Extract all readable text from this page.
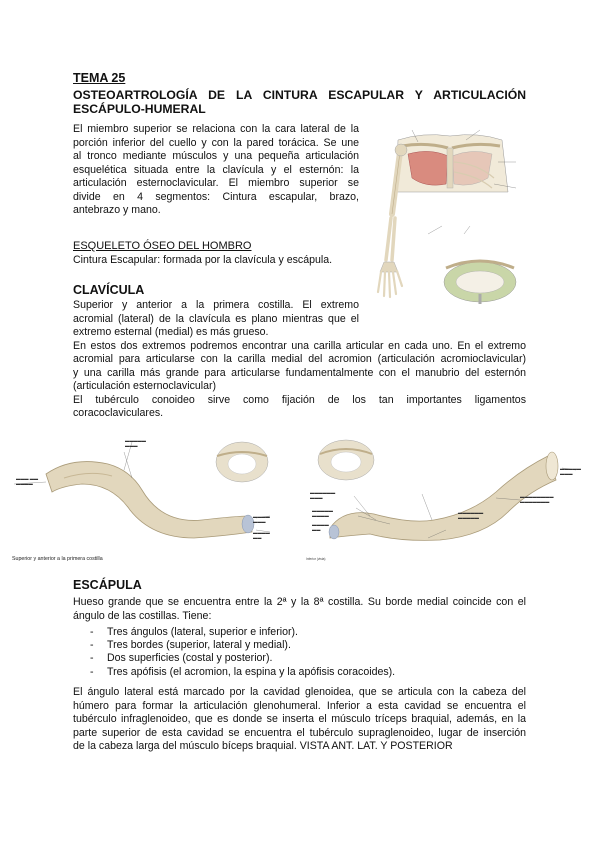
TEMA 25
OSTEOARTROLOGÍA DE LA CINTURA ESCAPULAR Y ARTICULACIÓN
ESCÁPULO-HUMERAL
El miembro superior se relaciona con la cara lateral de la
porción inferior del cuello y con la pared torácica. Se une
al tronco mediante músculos y una pequeña articulación
esquelética situada entre la clavícula y el esternón: la
articulación esternoclavicular. El miembro superior se
divide en 4 segmentos: Cintura escapular, brazo,
antebrazo y mano.
ESQUELETO ÓSEO DEL HOMBRO
Cintura Escapular: formada por la clavícula y escápula.
CLAVÍCULA
Superior y anterior a la primera costilla. El extremo
acromial (lateral) de la clavícula es plano mientras que el
extremo esternal (medial) es más grueso.
En estos dos extremos podremos encontrar una carilla articular en cada uno. En el extremo
acromial para articularse con la carilla medial del acromion (articulación acromioclavicular)
y una carilla más grande para articularse fundamentalmente con el manubrio del esternón
(articulación esternoclavicular)
El tubérculo conoideo sirve como fijación de los tan importantes ligamentos
coracoclaviculares.
▬▬▬ ▬▬
▬▬▬▬
▬▬▬▬▬
▬▬▬
▬▬▬▬
▬▬▬
▬▬▬▬
▬▬
Superior y anterior a la primera costilla
▬▬▬▬▬▬
▬▬▬
▬▬▬▬▬
▬▬▬▬
▬▬▬▬
▬▬
▬▬▬▬▬▬
▬▬▬▬▬
▬▬▬▬▬▬▬▬
▬▬▬▬▬▬▬
▬▬▬▬▬
▬▬▬
Inferior (vista)
ESCÁPULA
Hueso grande que se encuentra entre la 2ª y la 8ª costilla. Su borde medial coincide con el
ángulo de las costillas. Tiene:
- Tres ángulos (lateral, superior e inferior).
- Tres bordes (superior, lateral y medial).
- Dos superficies (costal y posterior).
- Tres apófisis (el acromion, la espina y la apófisis coracoides).
El ángulo lateral está marcado por la cavidad glenoidea, que se articula con la cabeza del
húmero para formar la articulación glenohumeral. Inferior a esta cavidad se encuentra el
tubérculo infraglenoideo, que es donde se inserta el músculo tríceps braquial, además, en la
parte superior de esta cavidad se encuentra el tubérculo supraglenoideo, lugar de inserción
de la cabeza larga del músculo bíceps braquial. VISTA ANT. LAT. Y POSTERIOR
